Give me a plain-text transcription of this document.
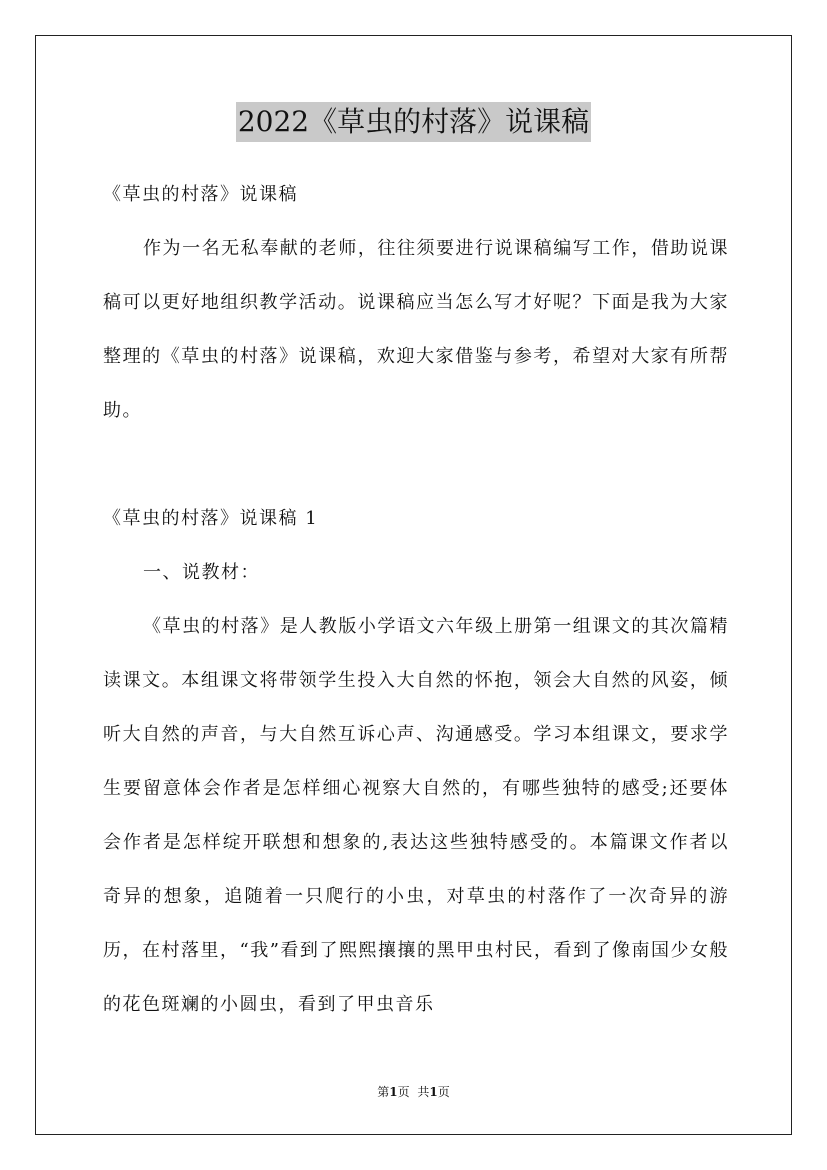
2022《草虫的村落》说课稿

《草虫的村落》说课稿

作为一名无私奉献的老师，往往须要进行说课稿编写工作，借助说课稿可以更好地组织教学活动。说课稿应当怎么写才好呢？下面是我为大家整理的《草虫的村落》说课稿，欢迎大家借鉴与参考，希望对大家有所帮助。

《草虫的村落》说课稿 1

一、说教材：

《草虫的村落》是人教版小学语文六年级上册第一组课文的其次篇精读课文。本组课文将带领学生投入大自然的怀抱，领会大自然的风姿，倾听大自然的声音，与大自然互诉心声、沟通感受。学习本组课文，要求学生要留意体会作者是怎样细心视察大自然的，有哪些独特的感受;还要体会作者是怎样绽开联想和想象的,表达这些独特感受的。本篇课文作者以奇异的想象，追随着一只爬行的小虫，对草虫的村落作了一次奇异的游历，在村落里，“我”看到了熙熙攘攘的黑甲虫村民，看到了像南国少女般的花色斑斓的小圆虫，看到了甲虫音乐

第1页 共1页
